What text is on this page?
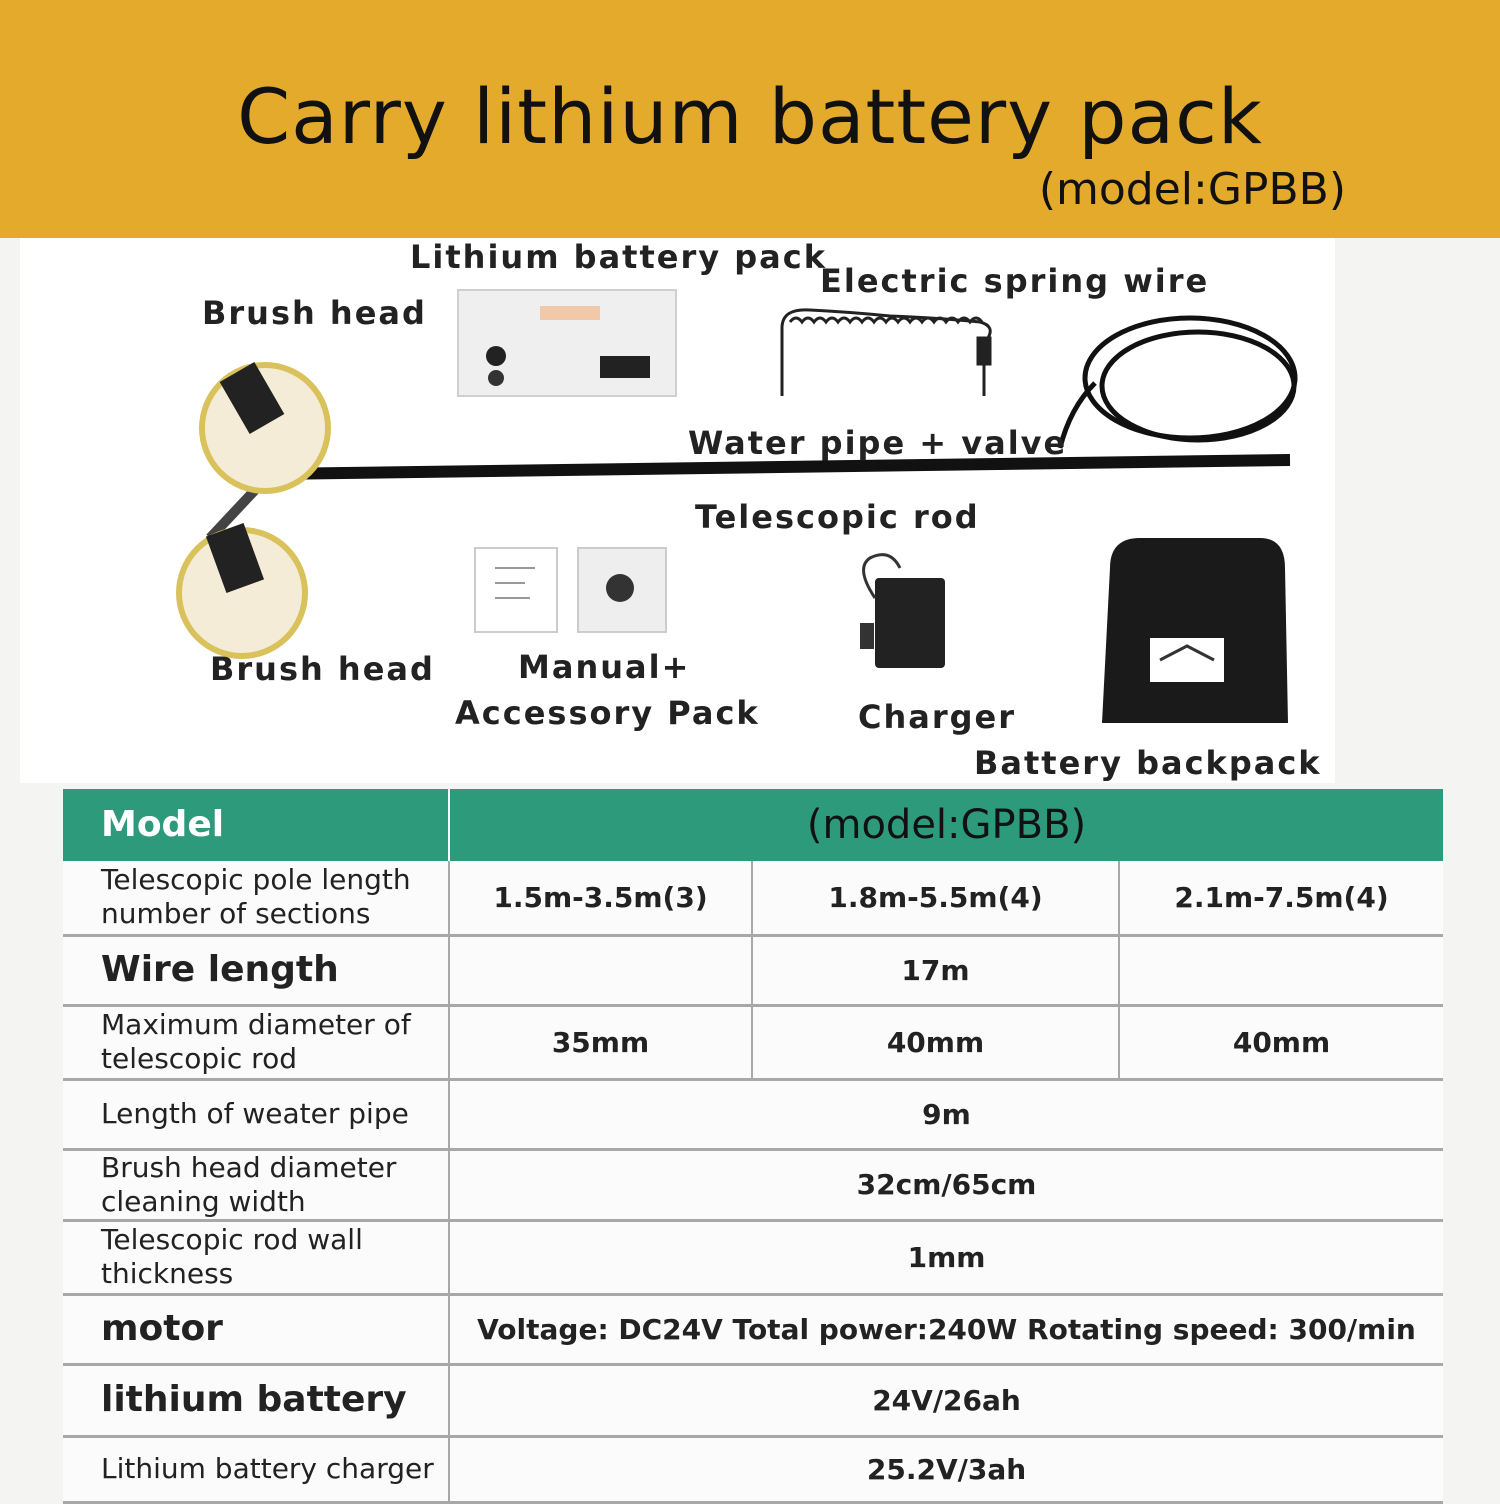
Carry lithium battery pack
(model:GPBB)
Lithium battery pack
Brush head
Electric spring wire
Water pipe + valve
Telescopic rod
Brush head	Manual+
Accessory Pack	Charger
Battery backpack
Model	(model:GPBB)		
Telescopic pole length number of sections	1.5m-3.5m(3)	1.8m-5.5m(4)	2.1m-7.5m(4)
Wire length		17m	
Maximum diameter of telescopic rod	35mm	40mm	40mm
Length of weater pipe	9m		
Brush head diameter cleaning width	32cm/65cm		
Telescopic rod wall thickness	1mm		
motor	Voltage: DC24V Total power:240W Rotating speed: 300/min		
lithium battery	24V/26ah		
Lithium battery charger	25.2V/3ah		
